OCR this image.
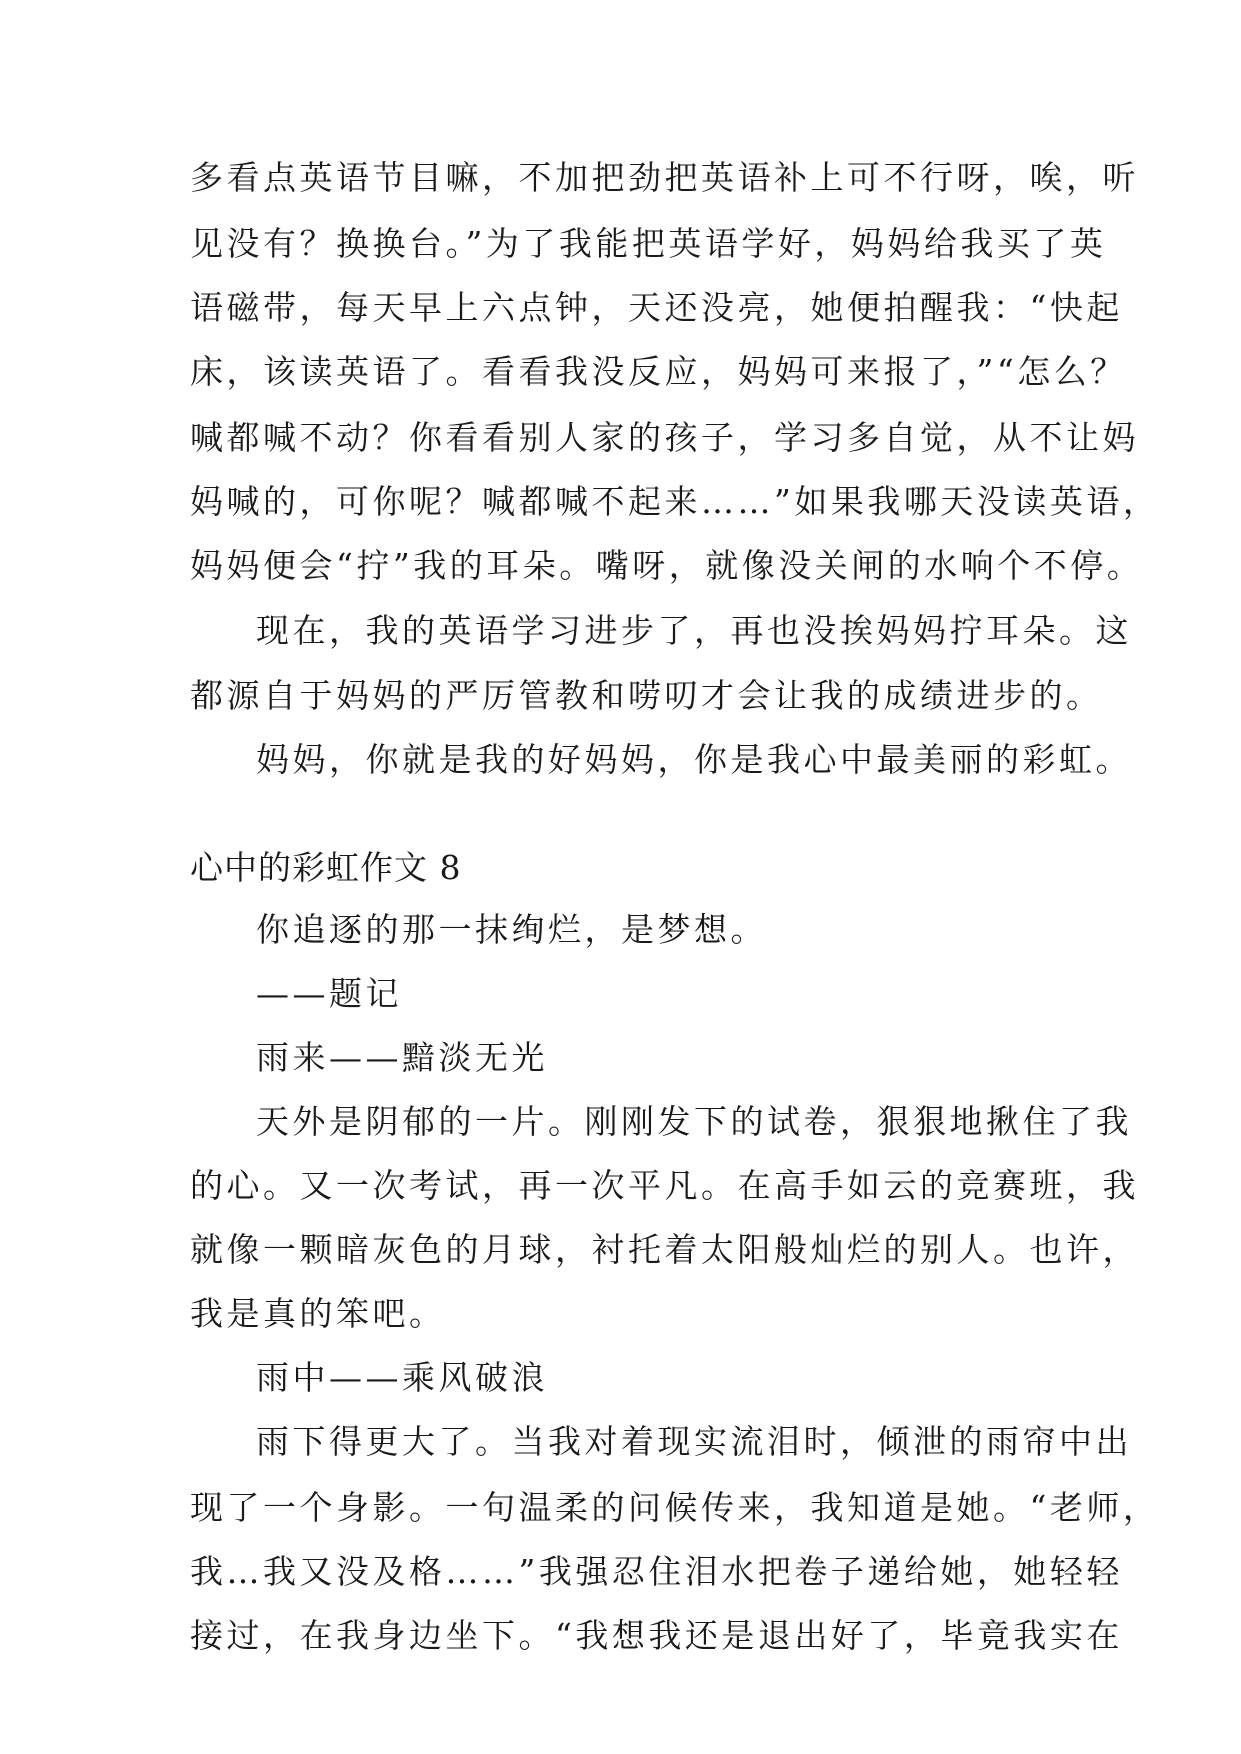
多看点英语节目嘛，不加把劲把英语补上可不行呀，唉，听
见没有？换换台。”为了我能把英语学好，妈妈给我买了英
语磁带，每天早上六点钟，天还没亮，她便拍醒我：“快起
床，该读英语了。看看我没反应，妈妈可来报了，”“怎么？
喊都喊不动？你看看别人家的孩子，学习多自觉，从不让妈
妈喊的，可你呢？喊都喊不起来……”如果我哪天没读英语，
妈妈便会“拧”我的耳朵。嘴呀，就像没关闸的水响个不停。
现在，我的英语学习进步了，再也没挨妈妈拧耳朵。这
都源自于妈妈的严厉管教和唠叨才会让我的成绩进步的。
妈妈，你就是我的好妈妈，你是我心中最美丽的彩虹。
心中的彩虹作文 8
你追逐的那一抹绚烂，是梦想。
——题记
雨来——黯淡无光
天外是阴郁的一片。刚刚发下的试卷，狠狠地揪住了我
的心。又一次考试，再一次平凡。在高手如云的竞赛班，我
就像一颗暗灰色的月球，衬托着太阳般灿烂的别人。也许，
我是真的笨吧。
雨中——乘风破浪
雨下得更大了。当我对着现实流泪时，倾泄的雨帘中出
现了一个身影。一句温柔的问候传来，我知道是她。“老师，
我…我又没及格……”我强忍住泪水把卷子递给她，她轻轻
接过，在我身边坐下。“我想我还是退出好了，毕竟我实在
